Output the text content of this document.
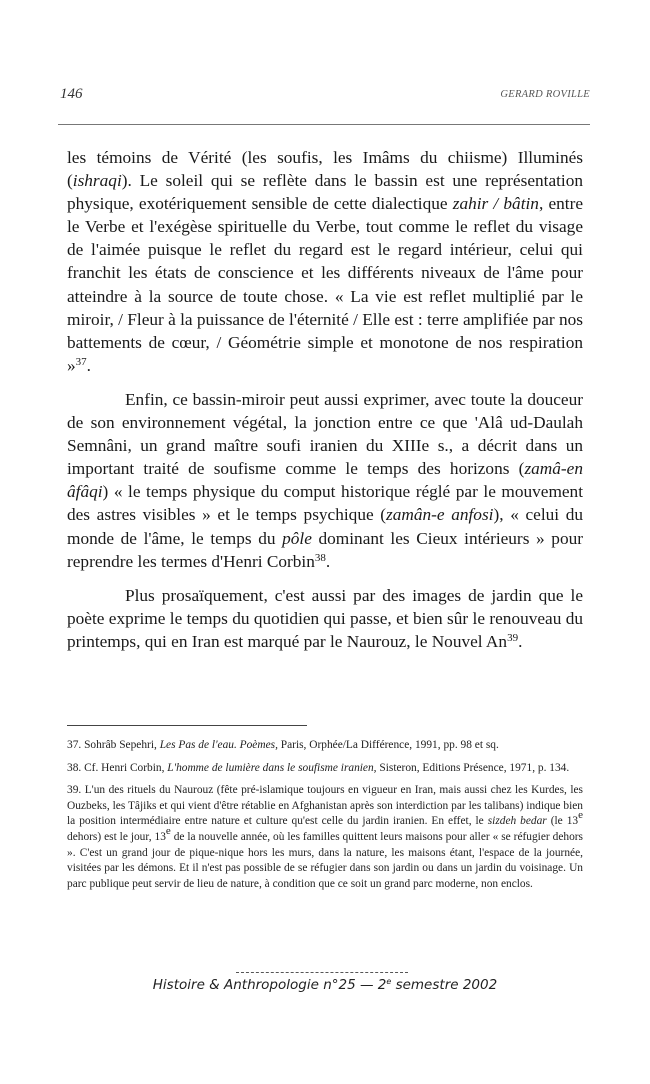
146	GERARD ROVILLE

les témoins de Vérité (les soufis, les Imâms du chiisme) Illuminés (ishraqi). Le soleil qui se reflète dans le bassin est une représentation physique, exotériquement sensible de cette dialectique zahir / bâtin, entre le Verbe et l'exégèse spirituelle du Verbe, tout comme le reflet du visage de l'aimée puisque le reflet du regard est le regard intérieur, celui qui franchit les états de conscience et les différents niveaux de l'âme pour atteindre à la source de toute chose. « La vie est reflet multiplié par le miroir, / Fleur à la puissance de l'éternité / Elle est : terre amplifiée par nos battements de cœur, / Géométrie simple et monotone de nos respiration »$^{37}$.

Enfin, ce bassin-miroir peut aussi exprimer, avec toute la douceur de son environnement végétal, la jonction entre ce que 'Alâ ud-Daulah Semnâni, un grand maître soufi iranien du XIIIe s., a décrit dans un important traité de soufisme comme le temps des horizons (zamâ-en âfâqi) « le temps physique du comput historique réglé par le mouvement des astres visibles » et le temps psychique (zamân-e anfosi), « celui du monde de l'âme, le temps du pôle dominant les Cieux intérieurs » pour reprendre les termes d'Henri Corbin$^{38}$.

Plus prosaïquement, c'est aussi par des images de jardin que le poète exprime le temps du quotidien qui passe, et bien sûr le renouveau du printemps, qui en Iran est marqué par le Naurouz, le Nouvel An$^{39}$.

37. Sohrâb Sepehri, Les Pas de l'eau. Poèmes, Paris, Orphée/La Différence, 1991, pp. 98 et sq.

38. Cf. Henri Corbin, L'homme de lumière dans le soufisme iranien, Sisteron, Editions Présence, 1971, p. 134.

39. L'un des rituels du Naurouz (fête pré-islamique toujours en vigueur en Iran, mais aussi chez les Kurdes, les Ouzbeks, les Tâjiks et qui vient d'être rétablie en Afghanistan après son interdiction par les talibans) indique bien la position intermédiaire entre nature et culture qu'est celle du jardin iranien. En effet, le sizdeh bedar (le 13e dehors) est le jour, 13e de la nouvelle année, où les familles quittent leurs maisons pour aller « se réfugier dehors ». C'est un grand jour de pique-nique hors les murs, dans la nature, les maisons étant, l'espace de la journée, visitées par les démons. Et il n'est pas possible de se réfugier dans son jardin ou dans un jardin du voisinage. Un parc publique peut servir de lieu de nature, à condition que ce soit un grand parc moderne, non enclos.

Histoire & Anthropologie n°25 — 2e semestre 2002
